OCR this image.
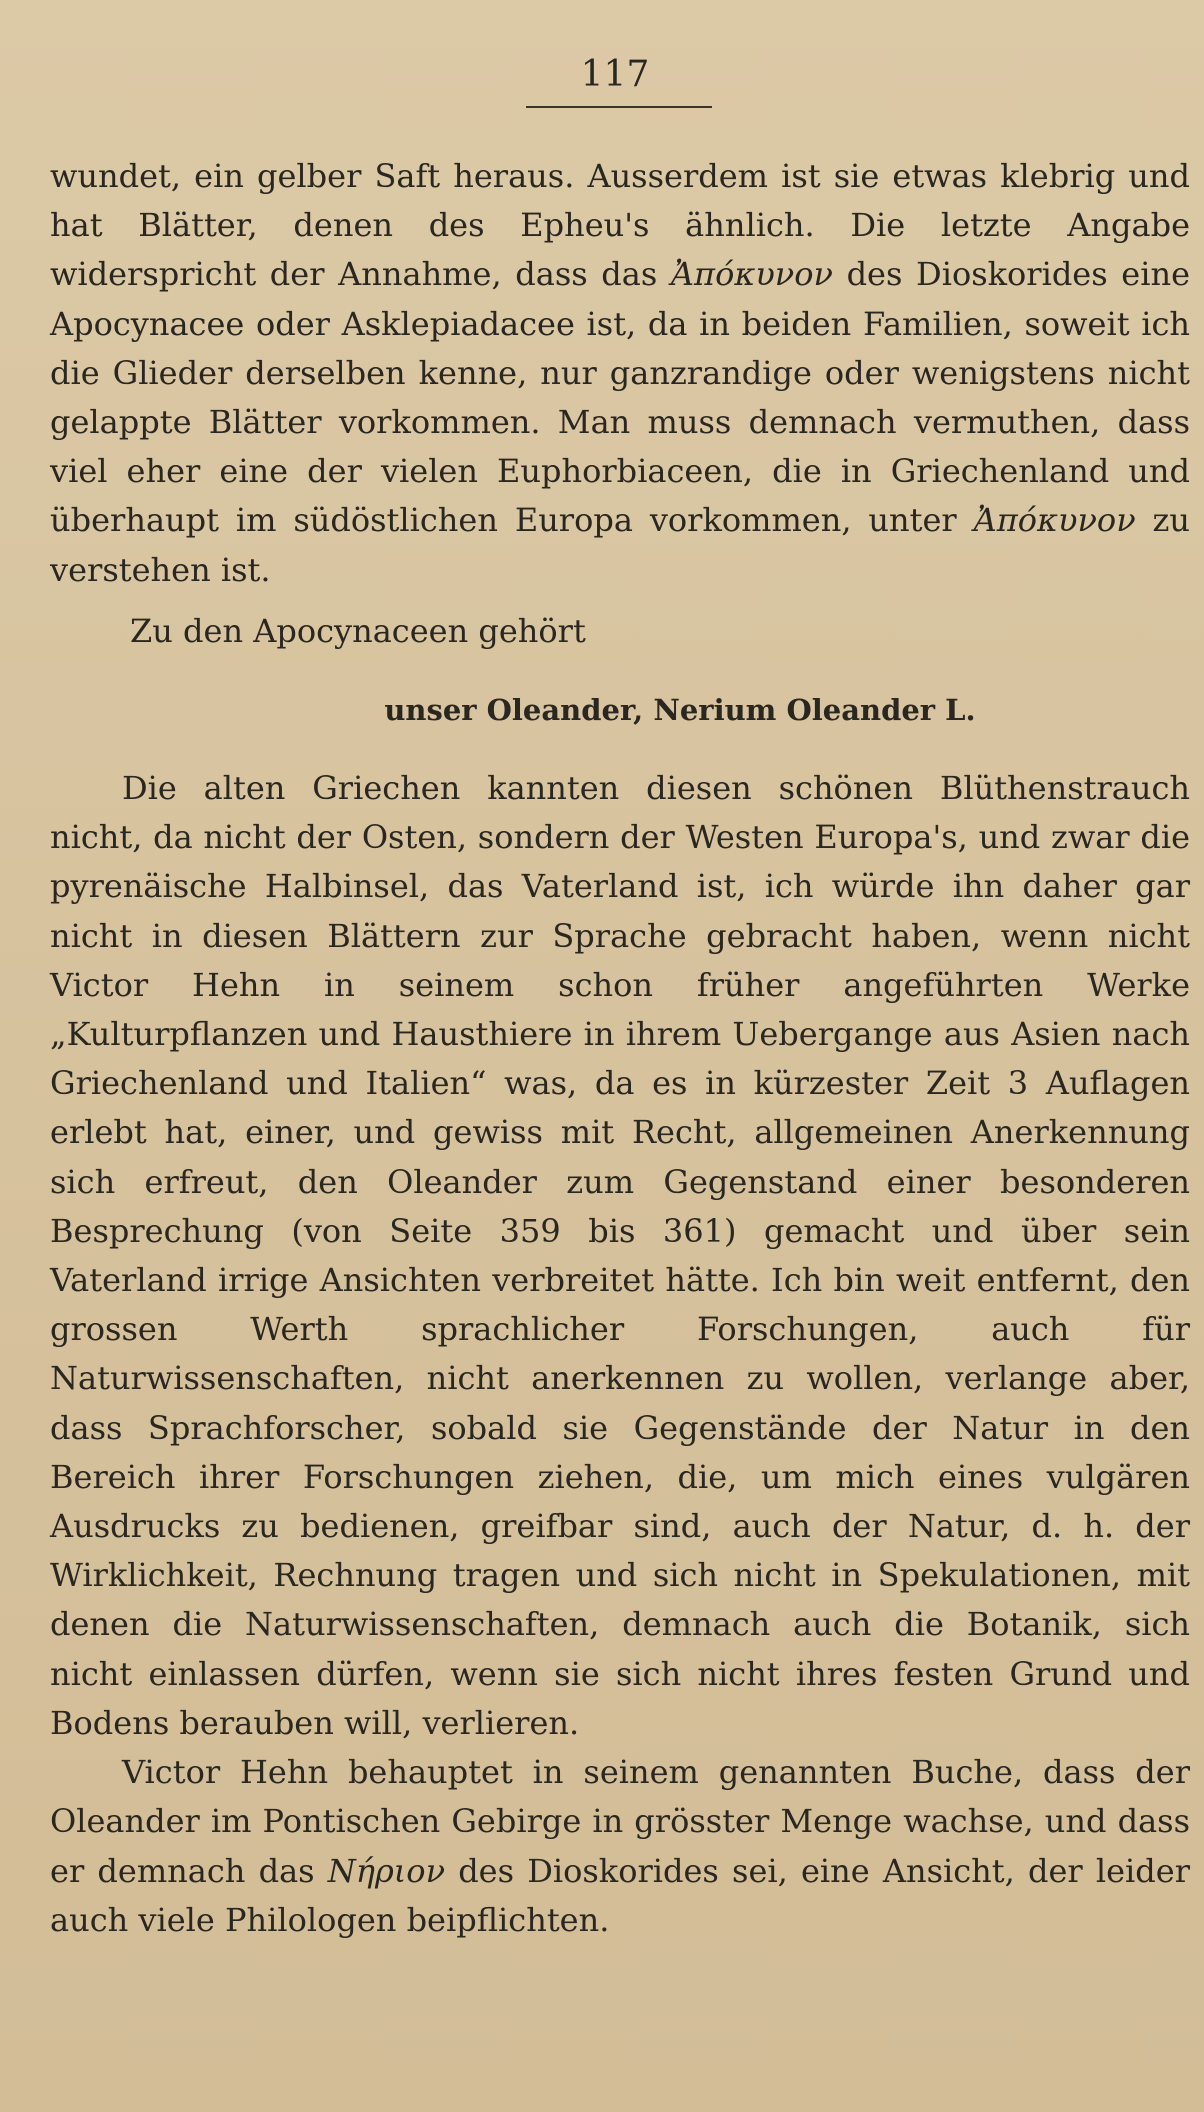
117

wundet, ein gelber Saft heraus. Ausserdem ist sie etwas klebrig und hat Blätter, denen des Epheu's ähnlich. Die letzte Angabe widerspricht der Annahme, dass das Ἀπόκυνον des Dioskorides eine Apocynacee oder Asklepiadacee ist, da in beiden Familien, soweit ich die Glieder derselben kenne, nur ganzrandige oder wenigstens nicht gelappte Blätter vorkommen. Man muss demnach vermuthen, dass viel eher eine der vielen Euphorbiaceen, die in Griechenland und überhaupt im südöstlichen Europa vorkommen, unter Ἀπόκυνον zu verstehen ist.

Zu den Apocynaceen gehört

unser Oleander, Nerium Oleander L.

Die alten Griechen kannten diesen schönen Blüthenstrauch nicht, da nicht der Osten, sondern der Westen Europa's, und zwar die pyrenäische Halbinsel, das Vaterland ist, ich würde ihn daher gar nicht in diesen Blättern zur Sprache gebracht haben, wenn nicht Victor Hehn in seinem schon früher angeführten Werke „Kulturpflanzen und Hausthiere in ihrem Uebergange aus Asien nach Griechenland und Italien“ was, da es in kürzester Zeit 3 Auflagen erlebt hat, einer, und gewiss mit Recht, allgemeinen Anerkennung sich erfreut, den Oleander zum Gegenstand einer besonderen Besprechung (von Seite 359 bis 361) gemacht und über sein Vaterland irrige Ansichten verbreitet hätte. Ich bin weit entfernt, den grossen Werth sprachlicher Forschungen, auch für Naturwissenschaften, nicht anerkennen zu wollen, verlange aber, dass Sprachforscher, sobald sie Gegenstände der Natur in den Bereich ihrer Forschungen ziehen, die, um mich eines vulgären Ausdrucks zu bedienen, greifbar sind, auch der Natur, d. h. der Wirklichkeit, Rechnung tragen und sich nicht in Spekulationen, mit denen die Naturwissenschaften, demnach auch die Botanik, sich nicht einlassen dürfen, wenn sie sich nicht ihres festen Grund und Bodens berauben will, verlieren.

Victor Hehn behauptet in seinem genannten Buche, dass der Oleander im Pontischen Gebirge in grösster Menge wachse, und dass er demnach das Νήριον des Dioskorides sei, eine Ansicht, der leider auch viele Philologen beipflichten.
